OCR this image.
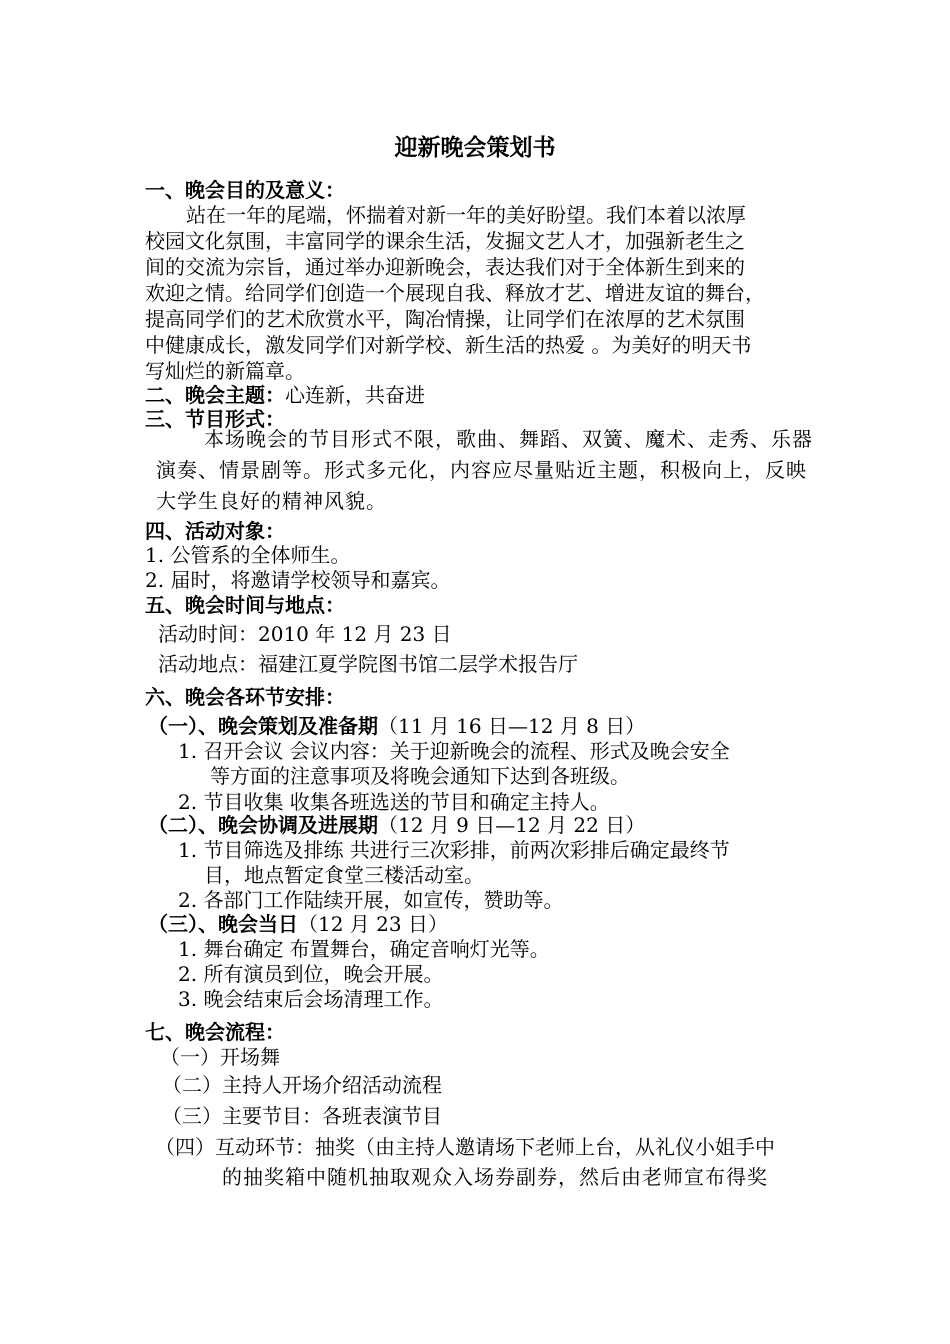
迎新晚会策划书
一、晚会目的及意义：
站在一年的尾端，怀揣着对新一年的美好盼望。我们本着以浓厚
校园文化氛围，丰富同学的课余生活，发掘文艺人才，加强新老生之
间的交流为宗旨，通过举办迎新晚会，表达我们对于全体新生到来的
欢迎之情。给同学们创造一个展现自我、释放才艺、增进友谊的舞台，
提高同学们的艺术欣赏水平，陶冶情操，让同学们在浓厚的艺术氛围
中健康成长，激发同学们对新学校、新生活的热爱 。为美好的明天书
写灿烂的新篇章。
二、晚会主题：心连新，共奋进
三、节目形式：
本场晚会的节目形式不限，歌曲、舞蹈、双簧、魔术、走秀、乐器
演奏、情景剧等。形式多元化，内容应尽量贴近主题，积极向上，反映
大学生良好的精神风貌。
四、活动对象：
1. 公管系的全体师生。
2. 届时，将邀请学校领导和嘉宾。
五、晚会时间与地点：
活动时间：2010 年 12 月 23 日
活动地点：福建江夏学院图书馆二层学术报告厅
六、晚会各环节安排：
（一）、晚会策划及准备期（11 月 16 日—12 月 8 日）
1. 召开会议 会议内容：关于迎新晚会的流程、形式及晚会安全
等方面的注意事项及将晚会通知下达到各班级。
2. 节目收集 收集各班选送的节目和确定主持人。
（二）、晚会协调及进展期（12 月 9 日—12 月 22 日）
1. 节目筛选及排练 共进行三次彩排，前两次彩排后确定最终节
目，地点暂定食堂三楼活动室。
2. 各部门工作陆续开展，如宣传，赞助等。
（三）、晚会当日（12 月 23 日）
1. 舞台确定 布置舞台，确定音响灯光等。
2. 所有演员到位，晚会开展。
3. 晚会结束后会场清理工作。
七、晚会流程：
（一）开场舞
（二）主持人开场介绍活动流程
（三）主要节目：各班表演节目
（四）互动环节：抽奖（由主持人邀请场下老师上台，从礼仪小姐手中
的抽奖箱中随机抽取观众入场券副券，然后由老师宣布得奖
